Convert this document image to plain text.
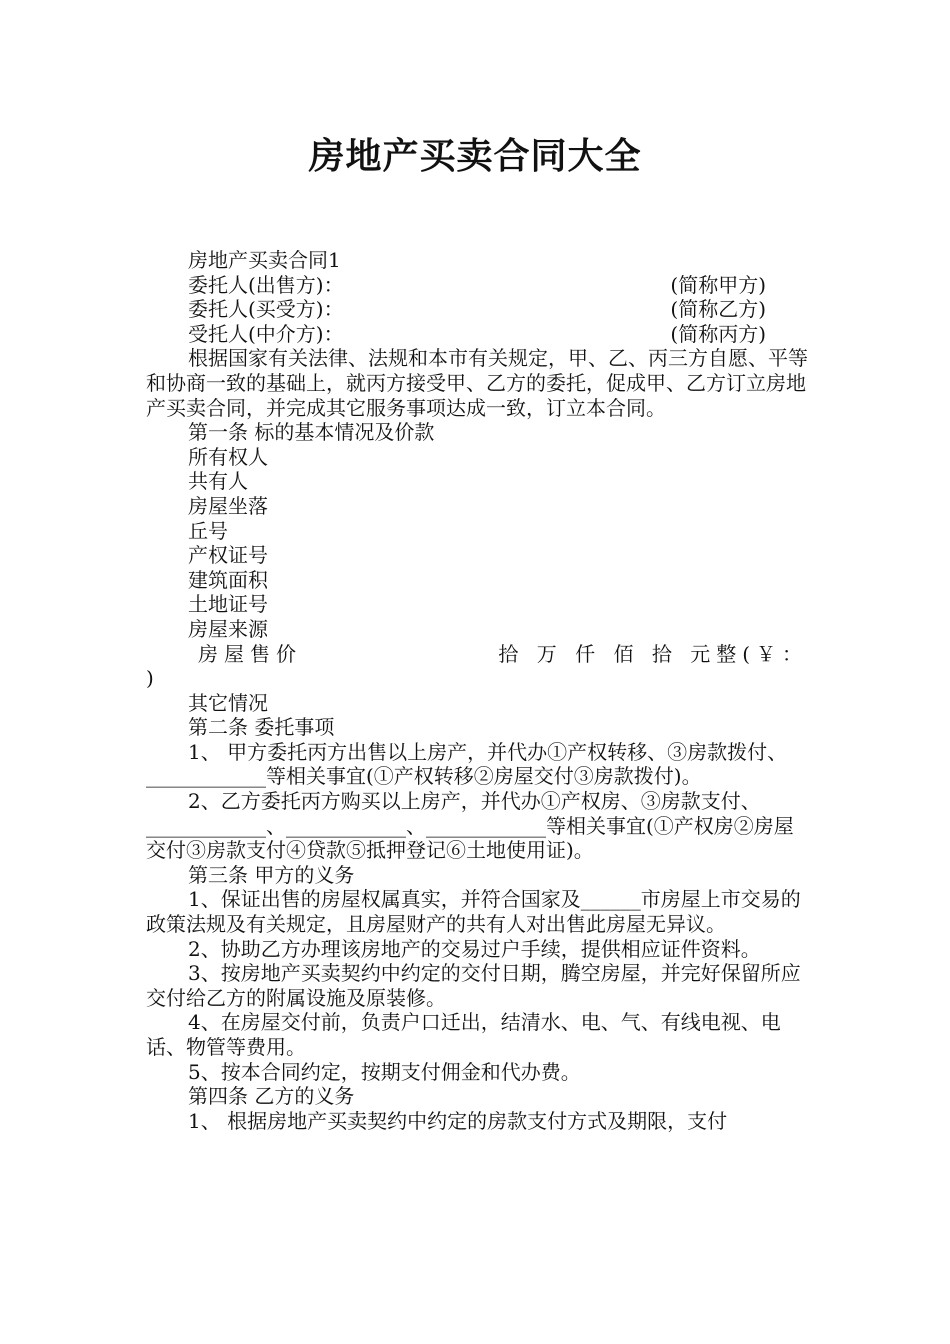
房地产买卖合同大全

房地产买卖合同1

委托人(出售方)：	(简称甲方)
委托人(买受方)：	(简称乙方)
受托人(中介方)：	(简称丙方)

根据国家有关法律、法规和本市有关规定，甲、乙、丙三方自愿、平等和协商一致的基础上，就丙方接受甲、乙方的委托，促成甲、乙方订立房地产买卖合同，并完成其它服务事项达成一致，订立本合同。

第一条 标的基本情况及价款

所有权人

共有人

房屋坐落

丘号

产权证号

建筑面积

土地证号

房屋来源

房屋售价	拾 万 仟 佰 拾 元整(￥：

)

其它情况

第二条 委托事项

1、 甲方委托丙方出售以上房产，并代办①产权转移、③房款拨付、____________等相关事宜(①产权转移②房屋交付③房款拨付)。

2、乙方委托丙方购买以上房产，并代办①产权房、③房款支付、____________、____________、____________等相关事宜(①产权房②房屋交付③房款支付④贷款⑤抵押登记⑥土地使用证)。

第三条 甲方的义务

1、保证出售的房屋权属真实，并符合国家及______市房屋上市交易的政策法规及有关规定，且房屋财产的共有人对出售此房屋无异议。

2、协助乙方办理该房地产的交易过户手续，提供相应证件资料。

3、按房地产买卖契约中约定的交付日期，腾空房屋，并完好保留所应交付给乙方的附属设施及原装修。

4、在房屋交付前，负责户口迁出，结清水、电、气、有线电视、电话、物管等费用。

5、按本合同约定，按期支付佣金和代办费。

第四条 乙方的义务

1、 根据房地产买卖契约中约定的房款支付方式及期限，支付
